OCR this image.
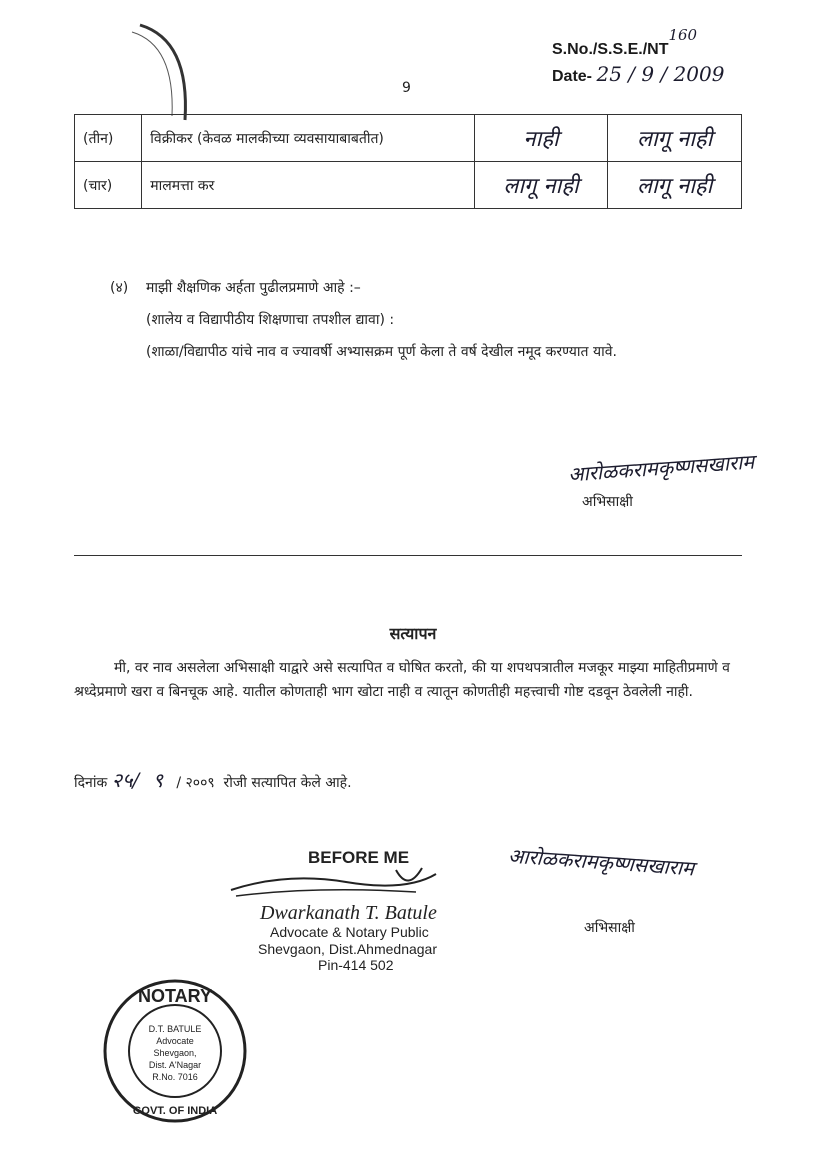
S.No./S.S.E./NT160
Date- 25 / 9 / 2009
9
(तीन)	विक्रीकर (केवळ मालकीच्या व्यवसायाबाबतीत)	नाही	लागू नाही
(चार)	मालमत्ता कर	लागू नाही	लागू नाही
(४) माझी शैक्षणिक अर्हता पुढीलप्रमाणे आहे :–
(शालेय व विद्यापीठीय शिक्षणाचा तपशील द्यावा) :
(शाळा/विद्यापीठ यांचे नाव व ज्यावर्षी अभ्यासक्रम पूर्ण केला ते वर्ष देखील नमूद करण्यात यावे.
आरोळकरामकृष्णसखाराम
अभिसाक्षी
सत्यापन
मी, वर नाव असलेला अभिसाक्षी याद्वारे असे सत्यापित व घोषित करतो, की या शपथपत्रातील मजकूर माझ्या माहितीप्रमाणे व श्रध्देप्रमाणे खरा व बिनचूक आहे. यातील कोणताही भाग खोटा नाही व त्यातून कोणतीही महत्त्वाची गोष्ट दडवून ठेवलेली नाही.
दिनांक २५/ ९ / २००९ रोजी सत्यापित केले आहे.
BEFORE ME
Dwarkanath T. Batule
Advocate & Notary Public
Shevgaon, Dist.Ahmednagar
Pin-414 502
आरोळकरामकृष्णसखाराम
अभिसाक्षी
NOTARY
GOVT. OF INDIA
D.T. BATULE
Advocate
Shevgaon,
Dist. A'Nagar
R.No. 7016
